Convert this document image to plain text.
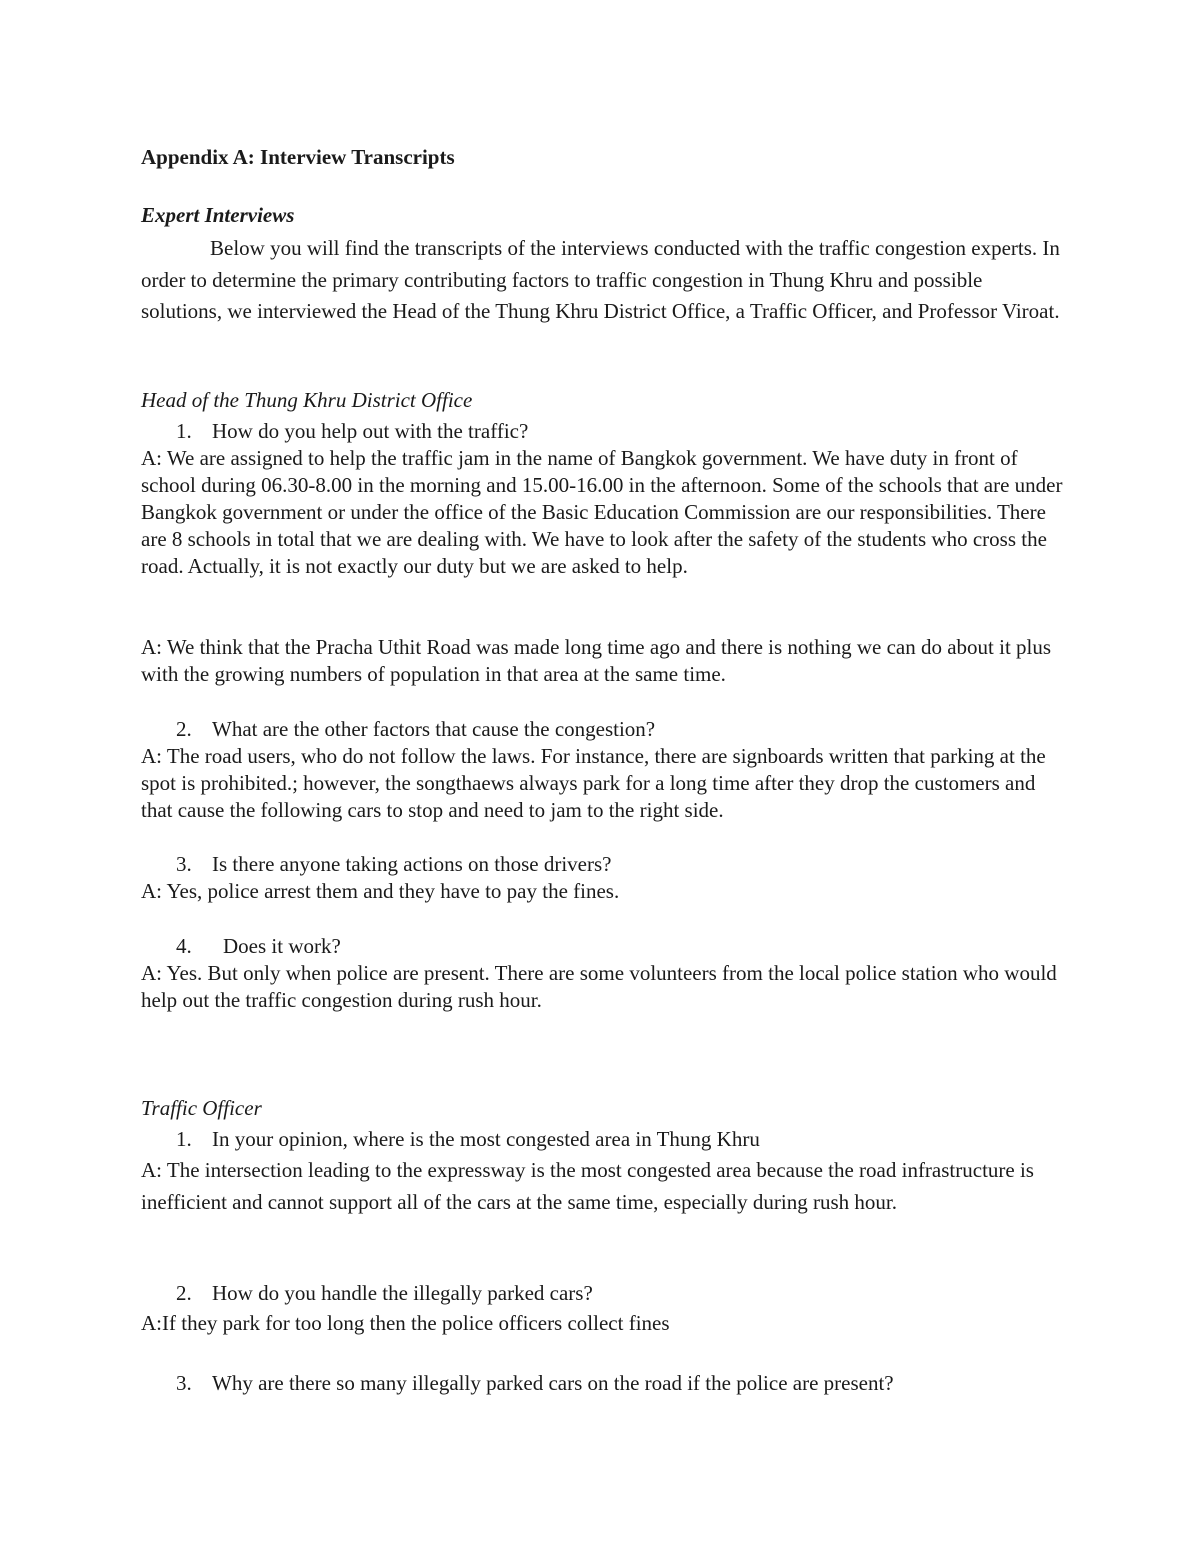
Appendix A: Interview Transcripts
Expert Interviews

Below you will find the transcripts of the interviews conducted with the traffic congestion experts. In order to determine the primary contributing factors to traffic congestion in Thung Khru and possible solutions, we interviewed the Head of the Thung Khru District Office, a Traffic Officer, and Professor Viroat.

Head of the Thung Khru District Office
1. How do you help out with the traffic?

A: We are assigned to help the traffic jam in the name of Bangkok government. We have duty in front of school during 06.30-8.00 in the morning and 15.00-16.00 in the afternoon. Some of the schools that are under Bangkok government or under the office of the Basic Education Commission are our responsibilities. There are 8 schools in total that we are dealing with. We have to look after the safety of the students who cross the road. Actually, it is not exactly our duty but we are asked to help.

A: We think that the Pracha Uthit Road was made long time ago and there is nothing we can do about it plus with the growing numbers of population in that area at the same time.

2. What are the other factors that cause the congestion?

A: The road users, who do not follow the laws. For instance, there are signboards written that parking at the spot is prohibited.; however, the songthaews always park for a long time after they drop the customers and that cause the following cars to stop and need to jam to the right side.

3. Is there anyone taking actions on those drivers?

A: Yes, police arrest them and they have to pay the fines.

4. Does it work?

A: Yes. But only when police are present. There are some volunteers from the local police station who would help out the traffic congestion during rush hour.

Traffic Officer
1. In your opinion, where is the most congested area in Thung Khru

A: The intersection leading to the expressway is the most congested area because the road infrastructure is inefficient and cannot support all of the cars at the same time, especially during rush hour.

2. How do you handle the illegally parked cars?

A:If they park for too long then the police officers collect fines

3. Why are there so many illegally parked cars on the road if the police are present?
